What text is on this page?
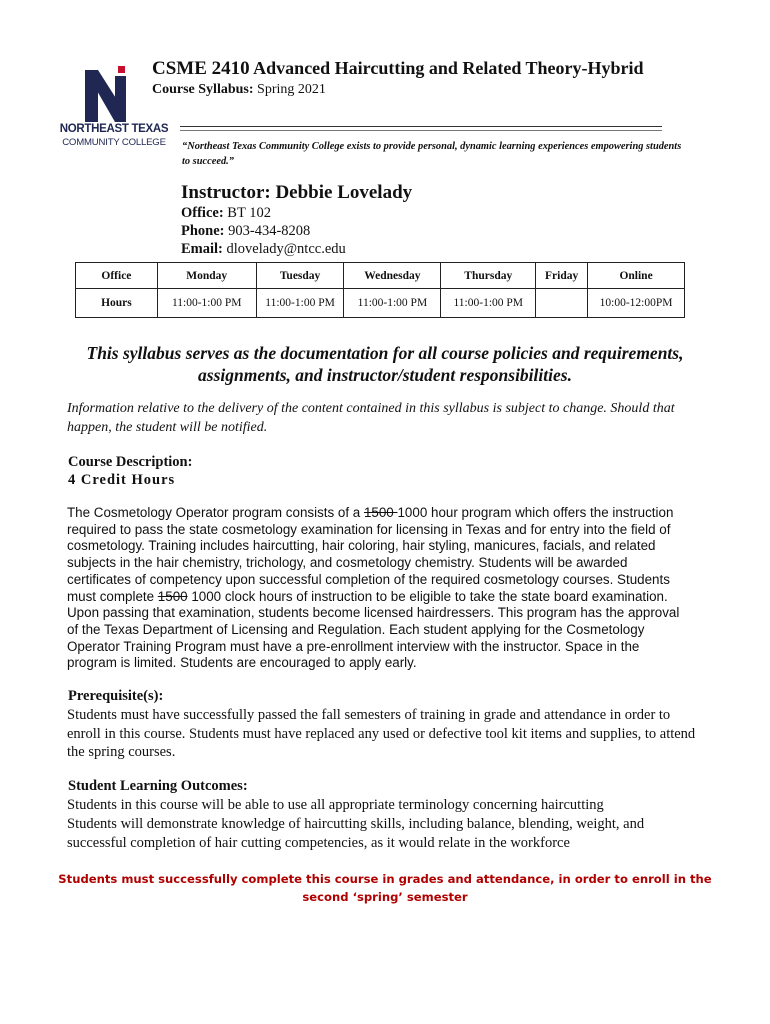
NORTHEAST TEXAS
COMMUNITY COLLEGE
CSME 2410 Advanced Haircutting and Related Theory-Hybrid
Course Syllabus: Spring 2021
“Northeast Texas Community College exists to provide personal, dynamic learning experiences empowering students to succeed.”
Instructor: Debbie Lovelady
Office: BT 102
Phone: 903-434-8208
Email: dlovelady@ntcc.edu
Office	Monday	Tuesday	Wednesday	Thursday	Friday	Online
Hours	11:00-1:00 PM	11:00-1:00 PM	11:00-1:00 PM	11:00-1:00 PM		10:00-12:00PM
This syllabus serves as the documentation for all course policies and requirements, assignments, and instructor/student responsibilities.
Information relative to the delivery of the content contained in this syllabus is subject to change. Should that happen, the student will be notified.
Course Description:
4 Credit Hours
The Cosmetology Operator program consists of a 1500 1000 hour program which offers the instruction required to pass the state cosmetology examination for licensing in Texas and for entry into the field of cosmetology. Training includes haircutting, hair coloring, hair styling, manicures, facials, and related subjects in the hair chemistry, trichology, and cosmetology chemistry. Students will be awarded certificates of competency upon successful completion of the required cosmetology courses. Students must complete 1500 1000 clock hours of instruction to be eligible to take the state board examination. Upon passing that examination, students become licensed hairdressers. This program has the approval of the Texas Department of Licensing and Regulation. Each student applying for the Cosmetology Operator Training Program must have a pre-enrollment interview with the instructor. Space in the program is limited. Students are encouraged to apply early.
Prerequisite(s):
Students must have successfully passed the fall semesters of training in grade and attendance in order to enroll in this course. Students must have replaced any used or defective tool kit items and supplies, to attend the spring courses.
Student Learning Outcomes:
Students in this course will be able to use all appropriate terminology concerning haircutting
Students will demonstrate knowledge of haircutting skills, including balance, blending, weight, and successful completion of hair cutting competencies, as it would relate in the workforce
Students must successfully complete this course in grades and attendance, in order to enroll in the
second ‘spring’ semester
